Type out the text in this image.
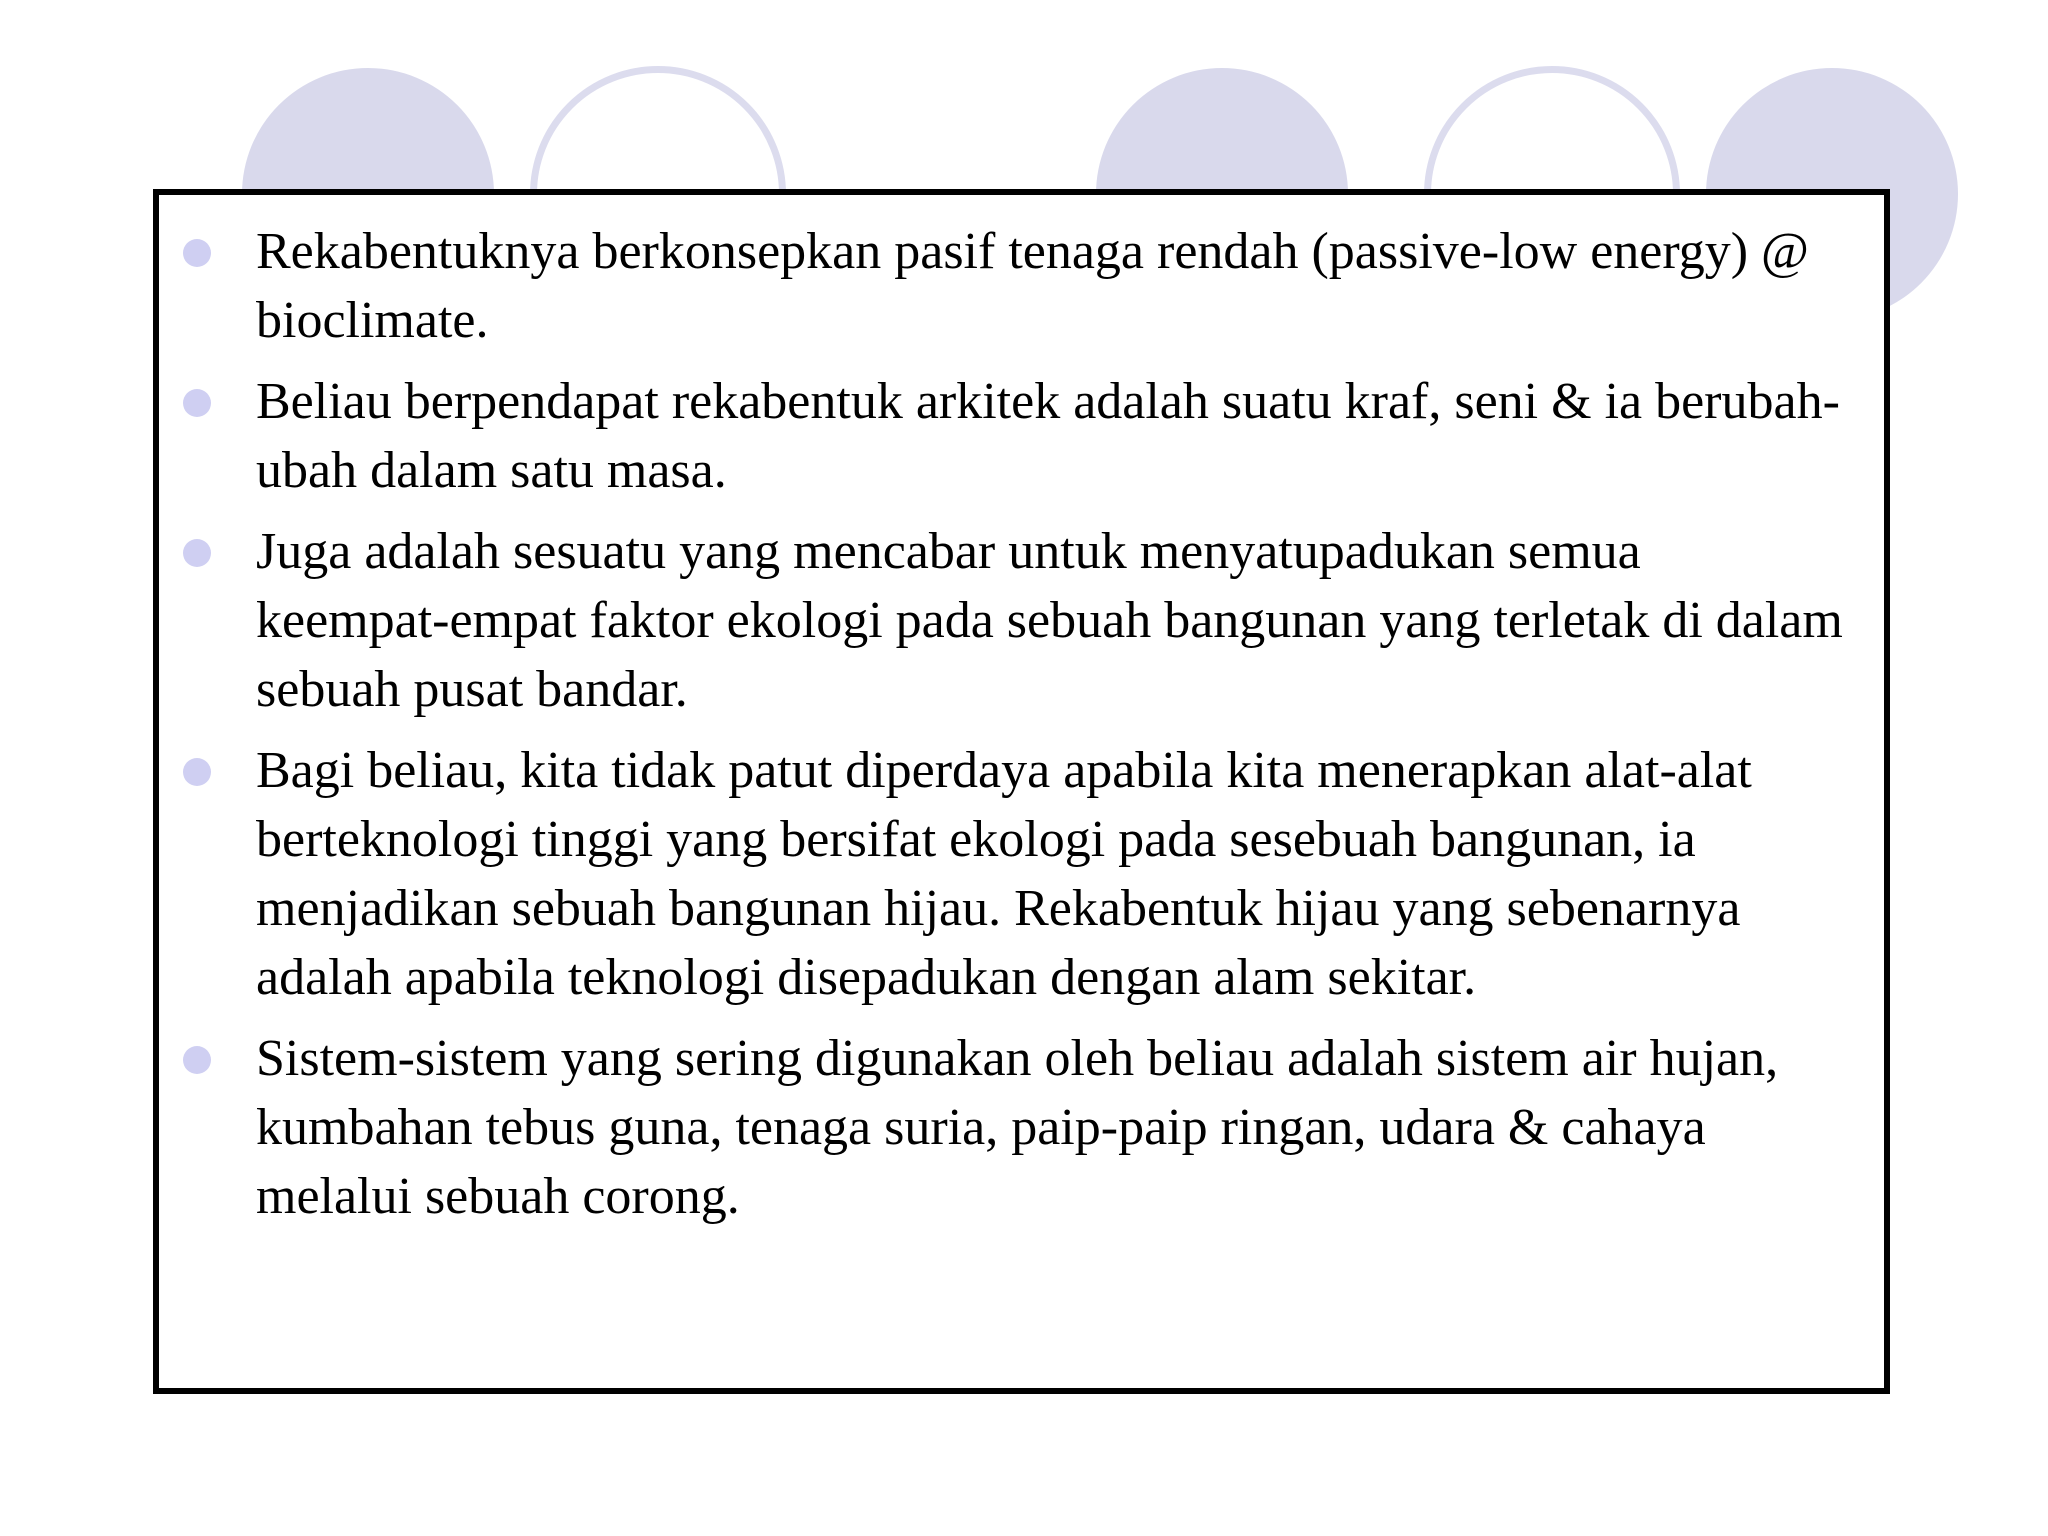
Rekabentuknya berkonsepkan pasif tenaga rendah (passive-low energy) @ bioclimate.
Beliau berpendapat rekabentuk arkitek adalah suatu kraf, seni & ia berubah-ubah dalam satu masa.
Juga adalah sesuatu yang mencabar untuk menyatupadukan semua keempat-empat faktor ekologi pada sebuah bangunan yang terletak di dalam sebuah pusat bandar.
Bagi beliau, kita tidak patut diperdaya apabila kita menerapkan alat-alat berteknologi tinggi yang bersifat ekologi pada sesebuah bangunan, ia menjadikan sebuah bangunan hijau. Rekabentuk hijau yang sebenarnya adalah apabila teknologi disepadukan dengan alam sekitar.
Sistem-sistem yang sering digunakan oleh beliau adalah sistem air hujan, kumbahan tebus guna, tenaga suria, paip-paip ringan, udara & cahaya melalui sebuah corong.
